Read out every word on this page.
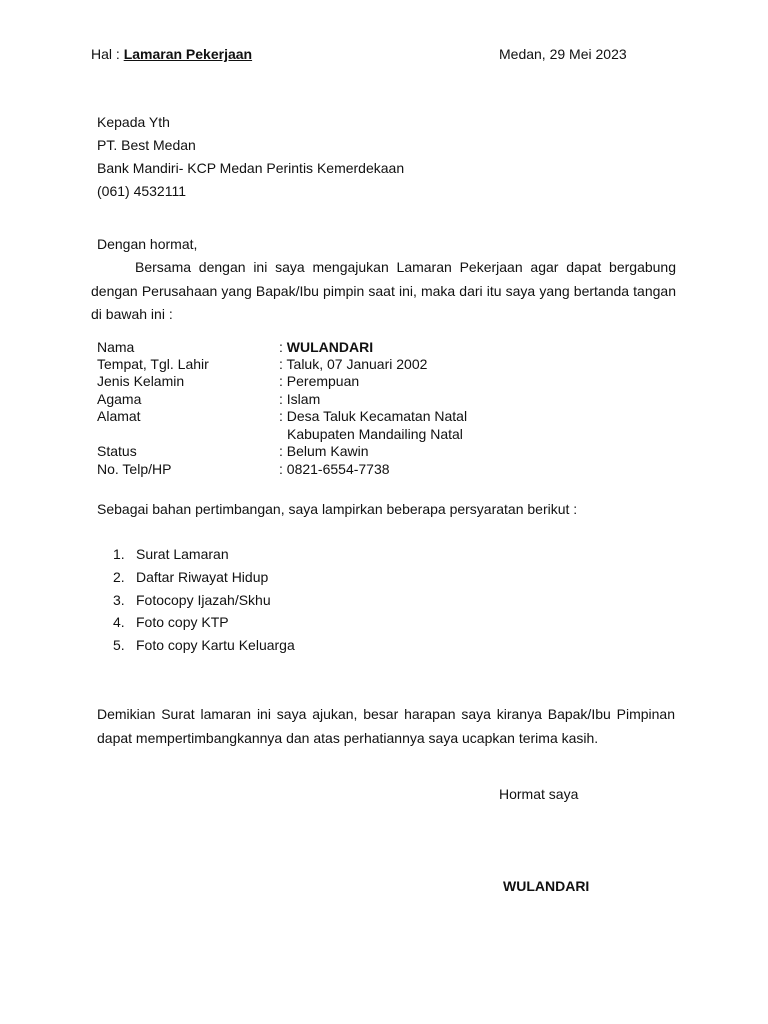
Hal : Lamaran Pekerjaan	Medan, 29 Mei 2023
Kepada Yth
PT. Best Medan
Bank Mandiri- KCP Medan Perintis Kemerdekaan
(061) 4532111
Dengan hormat,
Bersama dengan ini saya mengajukan Lamaran Pekerjaan agar dapat bergabung dengan Perusahaan yang Bapak/Ibu pimpin saat ini, maka dari itu saya yang bertanda tangan di bawah ini :
Nama	: WULANDARI
Tempat, Tgl. Lahir	: Taluk, 07 Januari 2002
Jenis Kelamin	: Perempuan
Agama	: Islam
Alamat	: Desa Taluk Kecamatan Natal
Kabupaten Mandailing Natal
Status	: Belum Kawin
No. Telp/HP	: 0821-6554-7738
Sebagai bahan pertimbangan, saya lampirkan beberapa persyaratan berikut :
1. Surat Lamaran
2. Daftar Riwayat Hidup
3. Fotocopy Ijazah/Skhu
4. Foto copy KTP
5. Foto copy Kartu Keluarga
Demikian Surat lamaran ini saya ajukan, besar harapan saya kiranya Bapak/Ibu Pimpinan dapat mempertimbangkannya dan atas perhatiannya saya ucapkan terima kasih.
Hormat saya
WULANDARI
